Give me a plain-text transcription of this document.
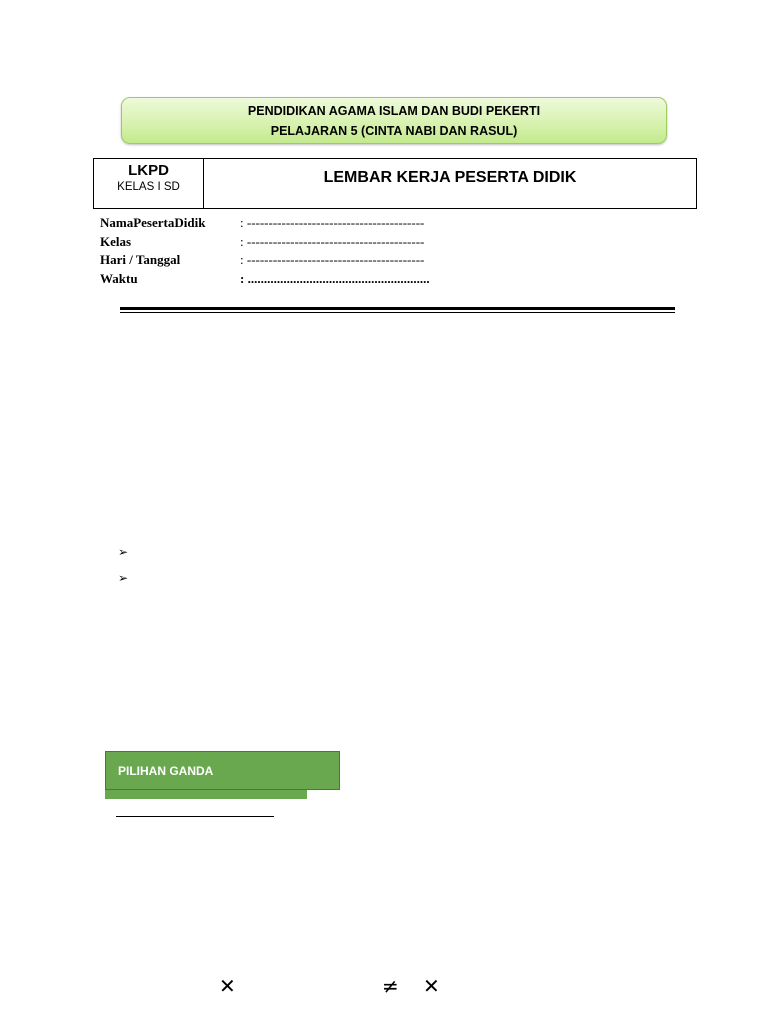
PENDIDIKAN AGAMA ISLAM DAN BUDI PEKERTI
PELAJARAN 5 (CINTA NABI DAN RASUL)
LKPD
KELAS I SD
LEMBAR KERJA PESERTA DIDIK
NamaPesertaDidik	: -----------------------------------------
Kelas	: -----------------------------------------
Hari / Tanggal	: -----------------------------------------
Waktu	: ........................................................
➢
➢
PILIHAN GANDA
✕	≠ ✕
